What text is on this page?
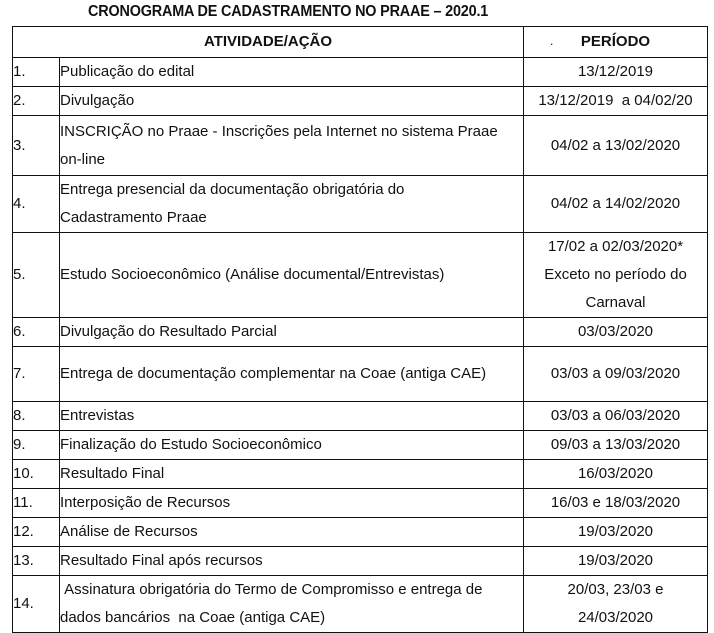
CRONOGRAMA DE CADASTRAMENTO NO PRAAE – 2020.1
ATIVIDADE/AÇÃO		. PERÍODO
1.	Publicação do edital	13/12/2019
2.	Divulgação	13/12/2019  a 04/02/20
3.	INSCRIÇÃO no Praae - Inscrições pela Internet no sistema Praae on-line	04/02 a 13/02/2020
4.	Entrega presencial da documentação obrigatória do Cadastramento Praae	04/02 a 14/02/2020
5.	Estudo Socioeconômico (Análise documental/Entrevistas)	17/02 a 02/03/2020* Exceto no período do Carnaval
6.	Divulgação do Resultado Parcial	03/03/2020
7.	Entrega de documentação complementar na Coae (antiga CAE)	03/03 a 09/03/2020
8.	Entrevistas	03/03 a 06/03/2020
9.	Finalização do Estudo Socioeconômico	09/03 a 13/03/2020
10.	Resultado Final	16/03/2020
11.	Interposição de Recursos	16/03 e 18/03/2020
12.	Análise de Recursos	19/03/2020
13.	Resultado Final após recursos	19/03/2020
14.	Assinatura obrigatória do Termo de Compromisso e entrega de dados bancários  na Coae (antiga CAE)	20/03, 23/03 e 24/03/2020
